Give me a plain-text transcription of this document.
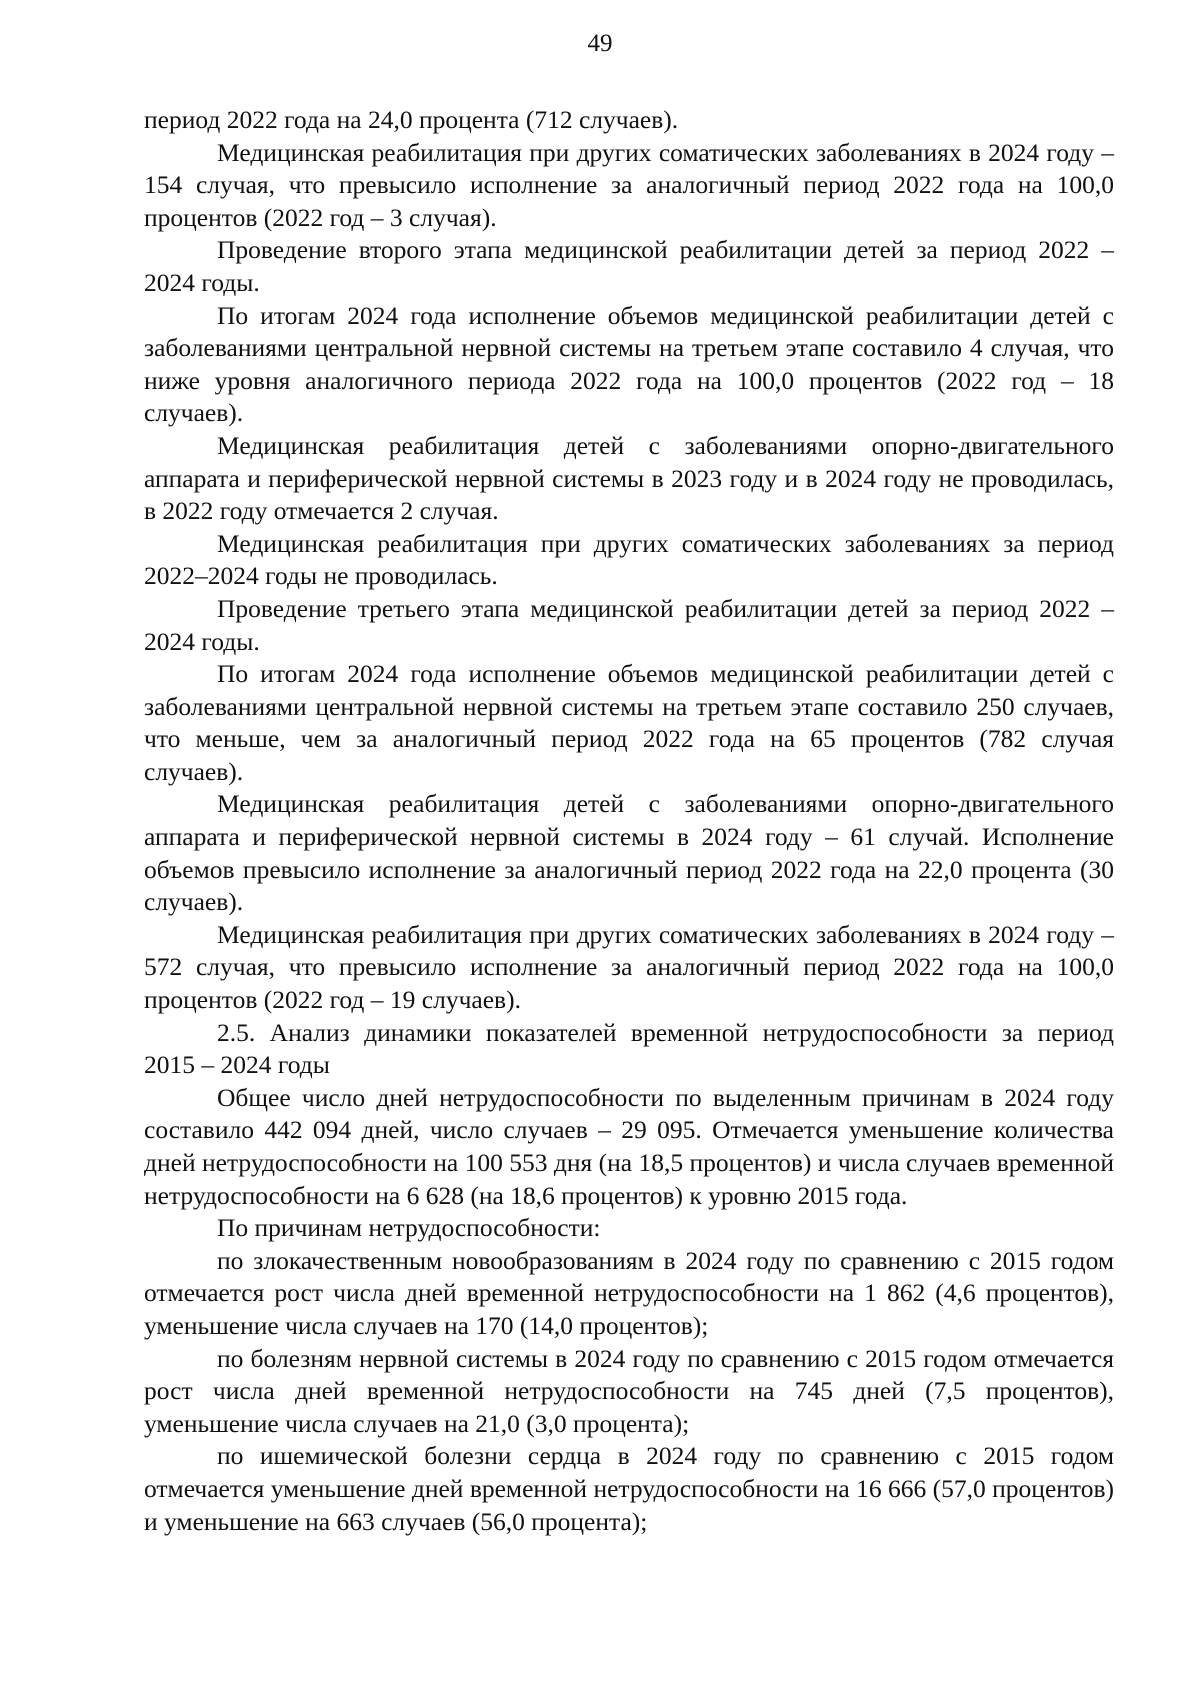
49

период 2022 года на 24,0 процента (712 случаев).

Медицинская реабилитация при других соматических заболеваниях в 2024 году – 154 случая, что превысило исполнение за аналогичный период 2022 года на 100,0 процентов (2022 год – 3 случая).

Проведение второго этапа медицинской реабилитации детей за период 2022 – 2024 годы.

По итогам 2024 года исполнение объемов медицинской реабилитации детей с заболеваниями центральной нервной системы на третьем этапе составило 4 случая, что ниже уровня аналогичного периода 2022 года на 100,0 процентов (2022 год – 18 случаев).

Медицинская реабилитация детей с заболеваниями опорно-двигательного аппарата и периферической нервной системы в 2023 году и в 2024 году не проводилась, в 2022 году отмечается 2 случая.

Медицинская реабилитация при других соматических заболеваниях за период 2022–2024 годы не проводилась.

Проведение третьего этапа медицинской реабилитации детей за период 2022 – 2024 годы.

По итогам 2024 года исполнение объемов медицинской реабилитации детей с заболеваниями центральной нервной системы на третьем этапе составило 250 случаев, что меньше, чем за аналогичный период 2022 года на 65 процентов (782 случая случаев).

Медицинская реабилитация детей с заболеваниями опорно-двигательного аппарата и периферической нервной системы в 2024 году – 61 случай. Исполнение объемов превысило исполнение за аналогичный период 2022 года на 22,0 процента (30 случаев).

Медицинская реабилитация при других соматических заболеваниях в 2024 году – 572 случая, что превысило исполнение за аналогичный период 2022 года на 100,0 процентов (2022 год – 19 случаев).

2.5. Анализ динамики показателей временной нетрудоспособности за период 2015 – 2024 годы

Общее число дней нетрудоспособности по выделенным причинам в 2024 году составило 442 094 дней, число случаев – 29 095. Отмечается уменьшение количества дней нетрудоспособности на 100 553 дня (на 18,5 процентов) и числа случаев временной нетрудоспособности на 6 628 (на 18,6 процентов) к уровню 2015 года.

По причинам нетрудоспособности:

по злокачественным новообразованиям в 2024 году по сравнению с 2015 годом отмечается рост числа дней временной нетрудоспособности на 1 862 (4,6 процентов), уменьшение числа случаев на 170 (14,0 процентов);

по болезням нервной системы в 2024 году по сравнению с 2015 годом отмечается рост числа дней временной нетрудоспособности на 745 дней (7,5 процентов), уменьшение числа случаев на 21,0 (3,0 процента);

по ишемической болезни сердца в 2024 году по сравнению с 2015 годом отмечается уменьшение дней временной нетрудоспособности на 16 666 (57,0 процентов) и уменьшение на 663 случаев (56,0 процента);
